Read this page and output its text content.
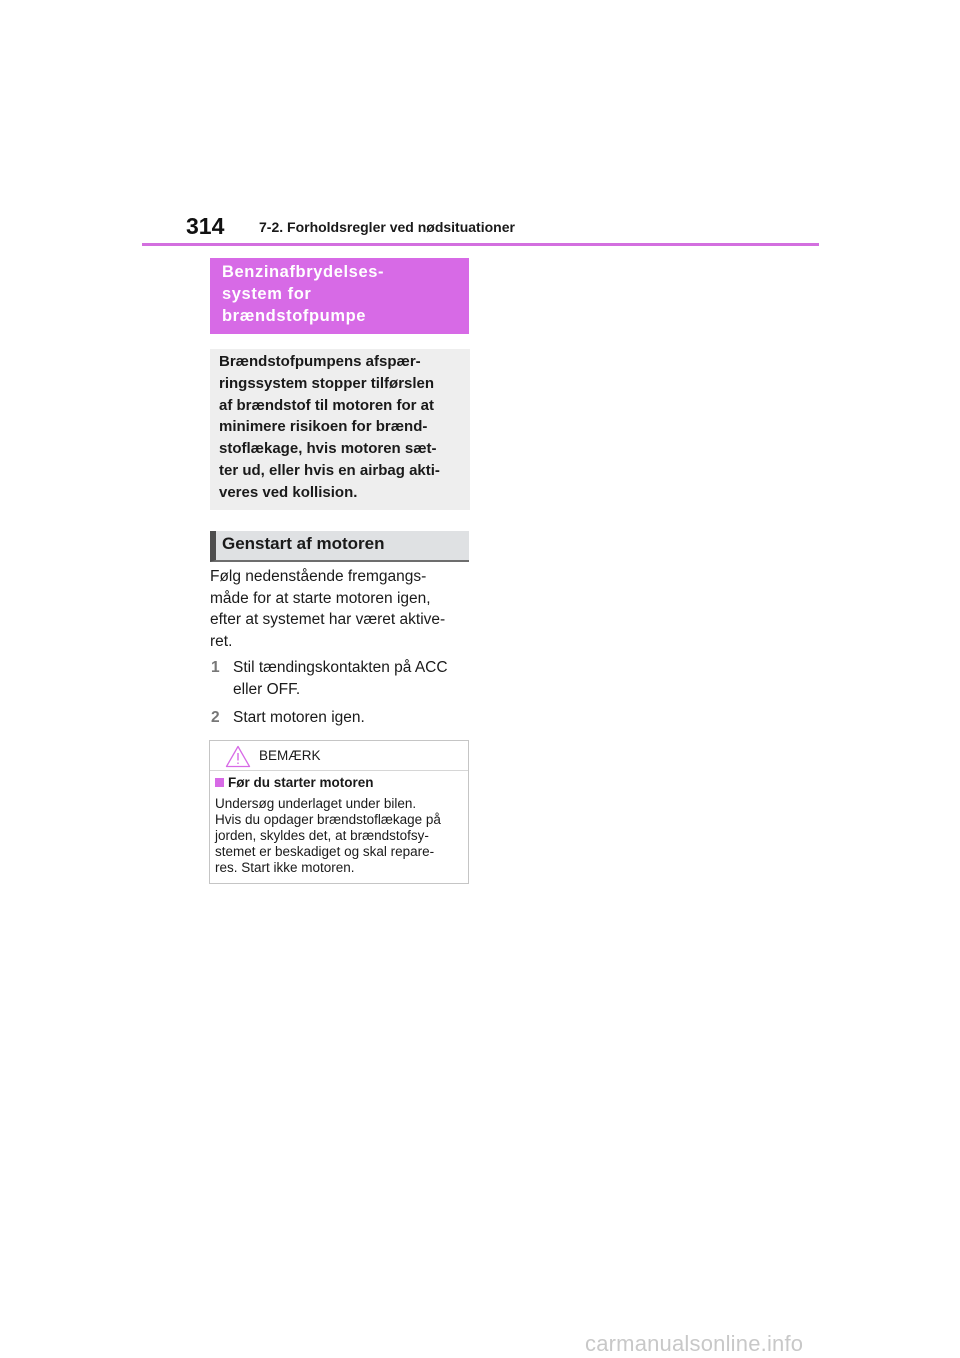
314 7-2. Forholdsregler ved nødsituationer
Benzinafbrydelses-
system for
brændstofpumpe
Brændstofpumpens afspær-
ringssystem stopper tilførslen
af brændstof til motoren for at
minimere risikoen for brænd-
stoflækage, hvis motoren sæt-
ter ud, eller hvis en airbag akti-
veres ved kollision.
Genstart af motoren
Følg nedenstående fremgangs-
måde for at starte motoren igen,
efter at systemet har været aktive-
ret.
1 Stil tændingskontakten på ACC
eller OFF.
2 Start motoren igen.
BEMÆRK
Før du starter motoren
Undersøg underlaget under bilen.
Hvis du opdager brændstoflækage på
jorden, skyldes det, at brændstofsy-
stemet er beskadiget og skal repare-
res. Start ikke motoren.
carmanualsonline.info
